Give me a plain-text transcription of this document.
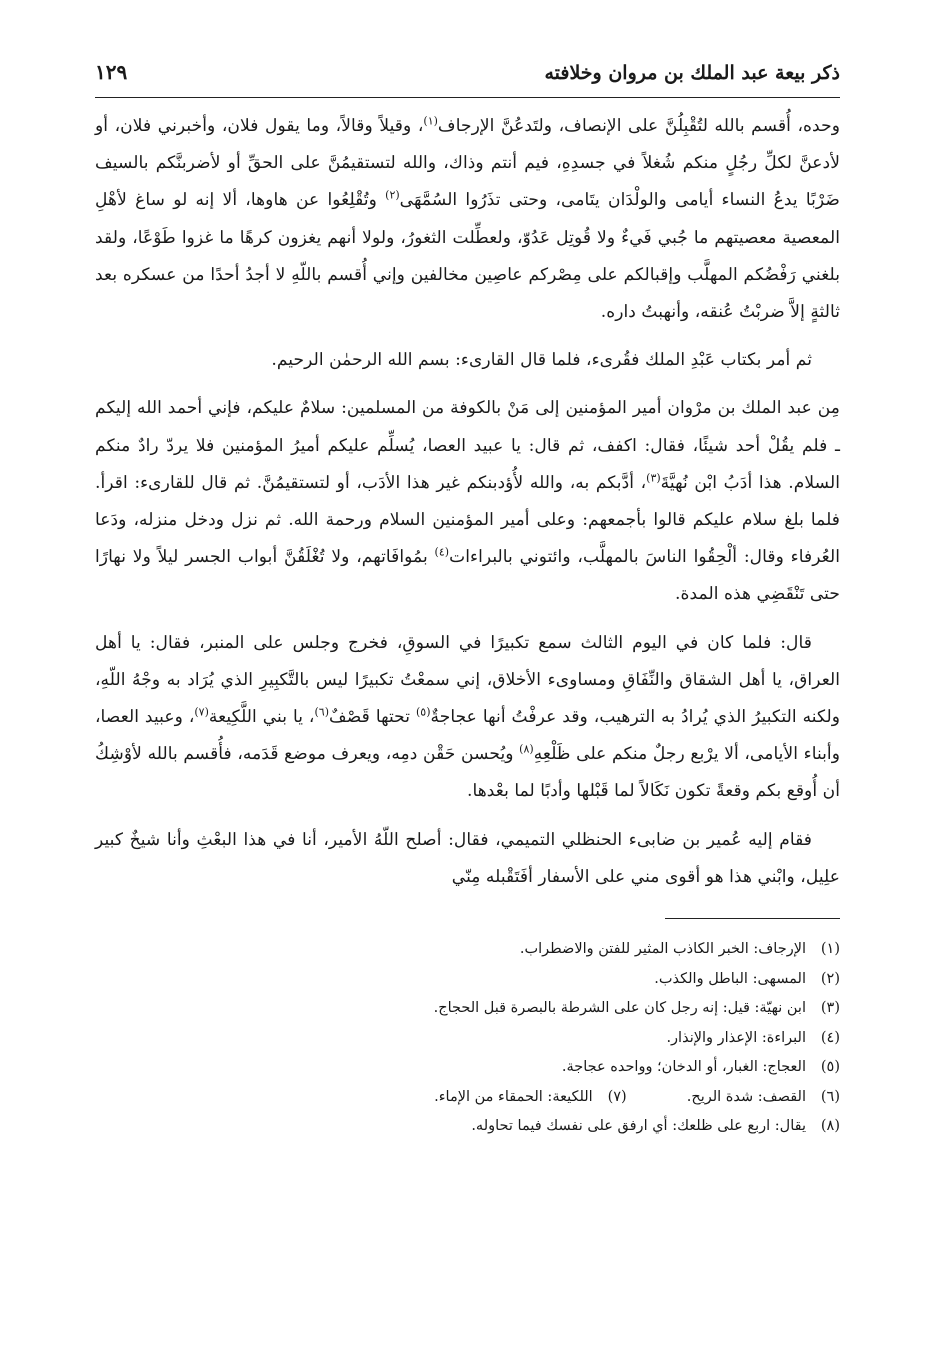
ذكر بيعة عبد الملك بن مروان وخلافته
١٢٩

وحده، أُقسم بالله لتُقْبِلُنَّ على الإنصاف، ولتَدعُنَّ الإرجاف$^{(١)}$، وقيلاً وقالاً، وما يقول فلان، وأخبرني فلان، أو لأدعنَّ لكلِّ رجُلٍ منكم شُغلاً في جسدِهِ، فيم أنتم وذاك، والله لتستقيمُنَّ على الحقِّ أو لأضربنَّكم بالسيف ضَرْبًا يدعُ النساء أيامى والولْدَان يتَامى، وحتى تذَرُوا السُمَّهَى$^{(٢)}$ وتُقْلِعُوا عن هاوها، ألا إنه لو ساغ لأهْلِ المعصية معصيتهم ما جُبي فَيءٌ ولا قُوتِل عَدُوّ، ولعطِّلت الثغورُ، ولولا أنهم يغزون كرهًا ما غزوا طَوْعًا، ولقد بلغني رَفْضُكم المهلَّب وإقبالكم على مِصْركم عاصِين مخالفين وإني أُقسم باللّهِ لا أجدُ أحدًا من عسكره بعد ثالثةٍ إلاَّ ضربْتُ عُنقه، وأنهبتُ داره.

ثم أمر بكتاب عَبْدِ الملك فقُرىء، فلما قال القارىء: بسم الله الرحمٰن الرحيم.

مِن عبد الملك بن مرْوان أمير المؤمنين إلى مَنْ بالكوفة من المسلمين: سلامٌ عليكم، فإني أحمد الله إليكم ـ فلم يقُلْ أحد شيئًا، فقال: اكفف، ثم قال: يا عبيد العصا، يُسلِّم عليكم أميرُ المؤمنين فلا يردّ رادٌ منكم السلام. هذا أدَبُ ابْن نُهيَّةَ$^{(٣)}$، أدَّبكم به، والله لأُؤدبنكم غير هذا الأدَب، أو لتستقيمُنَّ. ثم قال للقارىء: اقرأ. فلما بلغ سلام عليكم قالوا بأجمعهم: وعلى أمير المؤمنين السلام ورحمة الله. ثم نزل ودخل منزله، ودَعا العُرفاء وقال: ألْحِقُوا الناسَ بالمهلَّب، وائتوني بالبراءات$^{(٤)}$ بمُوافَاتهم، ولا تُغْلَقُنَّ أبواب الجسر ليلاً ولا نهارًا حتى تَنْقَضِي هذه المدة.

قال: فلما كان في اليوم الثالث سمع تكبيرًا في السوقِ، فخرج وجلس على المنبر، فقال: يا أهل العراق، يا أهل الشقاق والنِّفَاقِ ومساوىء الأخلاق، إني سمعْتُ تكبيرًا ليس بالتَّكبِيرِ الذي يُرَاد به وجْهُ اللّهِ، ولكنه التكبيرُ الذي يُرادُ به الترهيب، وقد عرفْتُ أنها عجاجةٌ$^{(٥)}$ تحتها قَصْفٌ$^{(٦)}$، يا بني اللَّكِيعة$^{(٧)}$، وعبيد العصا، وأبناء الأيامى، ألا يرْبع رجلٌ منكم على ظَلْعِهِ$^{(٨)}$ ويُحسن حَقْن دمِه، ويعرف موضع قَدَمه، فأُقسم بالله لأوْشِكُ أن أُوقع بكم وقعةً تكون نَكَالاً لما قَبْلها وأدبًا لما بعْدها.

فقام إليه عُمير بن ضابىء الحنظلي التميمي، فقال: أصلح اللّهُ الأمير، أنا في هذا البعْثِ وأنا شيخٌ كبير علِيل، وابْني هذا هو أقوى مني على الأسفار أفَتَقْبله مِنّي

(١)
الإرجاف: الخبر الكاذب المثير للفتن والاضطراب.
(٢)
المسهى: الباطل والكذب.
(٣)
ابن نهيّة: قيل: إنه رجل كان على الشرطة بالبصرة قبل الحجاج.
(٤)
البراءة: الإعذار والإنذار.
(٥)
العجاج: الغبار، أو الدخان؛ وواحده عجاجة.
(٦)
القصف: شدة الريح.
(٧)
اللكيعة: الحمقاء من الإماء.
(٨)
يقال: اربع على ظلعك: أي ارفق على نفسك فيما تحاوله.
